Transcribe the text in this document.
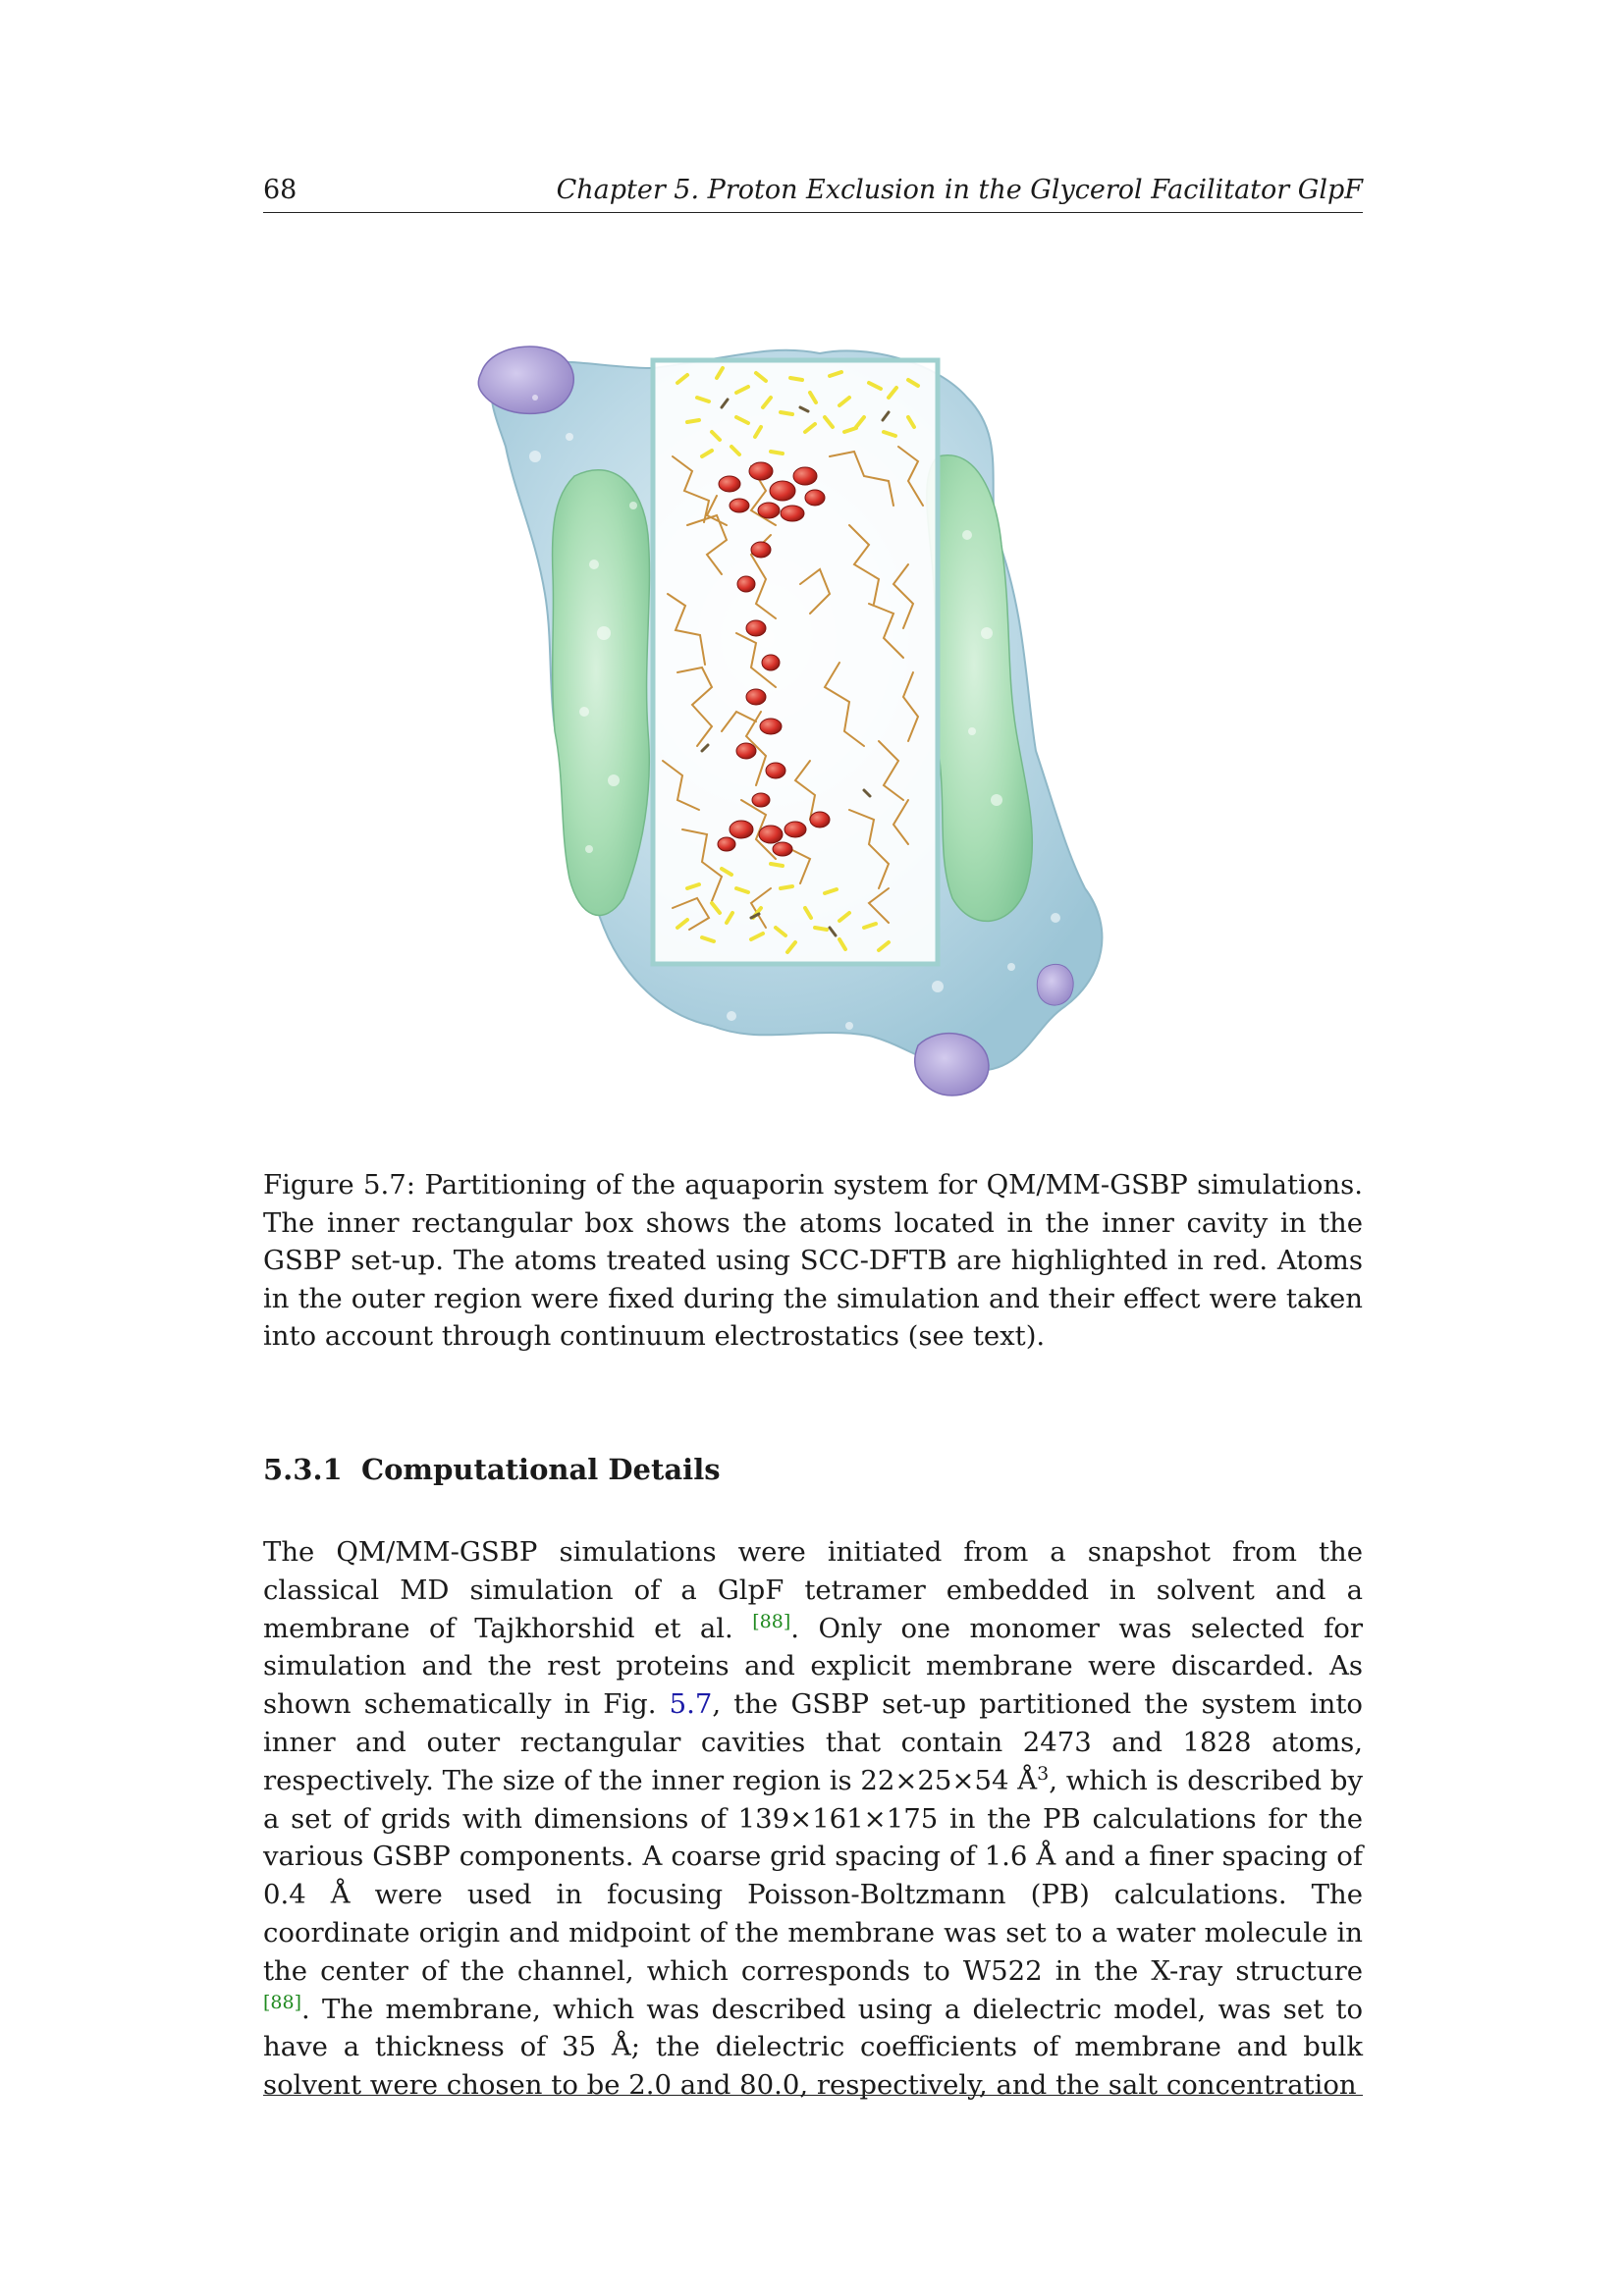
68	Chapter 5. Proton Exclusion in the Glycerol Facilitator GlpF
Figure 5.7: Partitioning of the aquaporin system for QM/MM-GSBP simulations. The inner rectangular box shows the atoms located in the inner cavity in the GSBP set-up. The atoms treated using SCC-DFTB are highlighted in red. Atoms in the outer region were fixed during the simulation and their effect were taken into account through continuum electrostatics (see text).
5.3.1 Computational Details
The QM/MM-GSBP simulations were initiated from a snapshot from the classical MD simulation of a GlpF tetramer embedded in solvent and a membrane of Tajkhorshid et al. [88]. Only one monomer was selected for simulation and the rest proteins and explicit membrane were discarded. As shown schematically in Fig. 5.7, the GSBP set-up partitioned the system into inner and outer rectangular cavities that contain 2473 and 1828 atoms, respectively. The size of the inner region is 22×25×54 $Å^3$, which is described by a set of grids with dimensions of 139×161×175 in the PB calculations for the various GSBP components. A coarse grid spacing of 1.6 Å and a finer spacing of 0.4 Å were used in focusing Poisson-Boltzmann (PB) calculations. The coordinate origin and midpoint of the membrane was set to a water molecule in the center of the channel, which corresponds to W522 in the X-ray structure [88]. The membrane, which was described using a dielectric model, was set to have a thickness of 35 Å; the dielectric coefficients of membrane and bulk solvent were chosen to be 2.0 and 80.0, respectively, and the salt concentration
